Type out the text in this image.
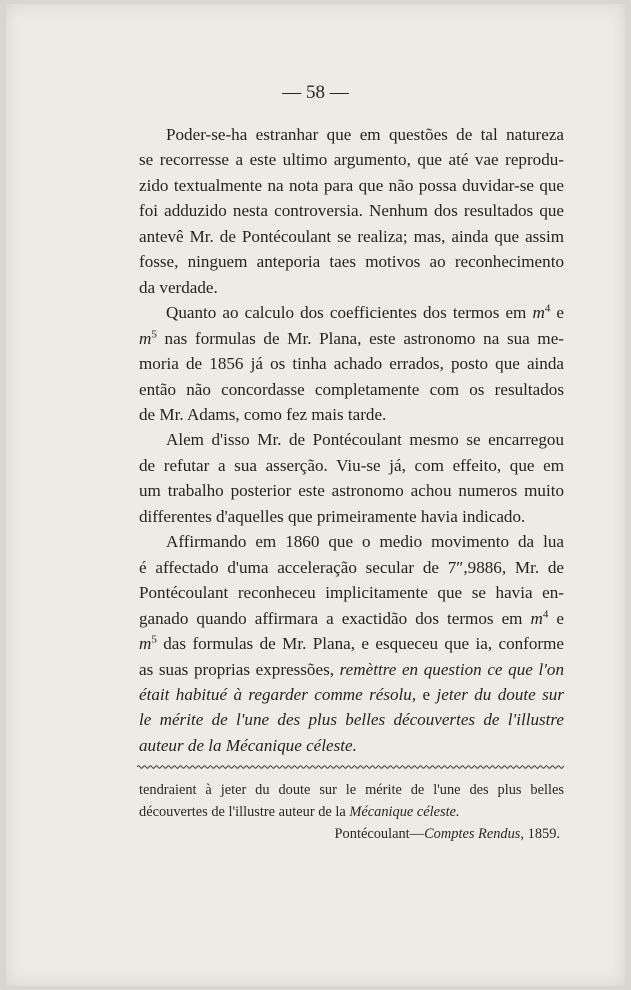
— 58 —
Poder-se-ha estranhar que em questões de tal natureza
se recorresse a este ultimo argumento, que até vae reprodu-
zido textualmente na nota para que não possa duvidar-se que
foi adduzido nesta controversia. Nenhum dos resultados que
antevê Mr. de Pontécoulant se realiza; mas, ainda que assim
fosse, ninguem anteporia taes motivos ao reconhecimento
da verdade.
Quanto ao calculo dos coefficientes dos termos em $m^4$ e
$m^5$ nas formulas de Mr. Plana, este astronomo na sua me-
moria de 1856 já os tinha achado errados, posto que ainda
então não concordasse completamente com os resultados
de Mr. Adams, como fez mais tarde.
Alem d'isso Mr. de Pontécoulant mesmo se encarregou
de refutar a sua asserção. Viu-se já, com effeito, que em
um trabalho posterior este astronomo achou numeros muito
differentes d'aquelles que primeiramente havia indicado.
Affirmando em 1860 que o medio movimento da lua
é affectado d'uma acceleração secular de 7″,9886, Mr. de
Pontécoulant reconheceu implicitamente que se havia en-
ganado quando affirmara a exactidão dos termos em $m^4$ e
$m^5$ das formulas de Mr. Plana, e esqueceu que ia, conforme
as suas proprias expressões, remèttre en question ce que l'on
était habitué à regarder comme résolu, e jeter du doute sur
le mérite de l'une des plus belles découvertes de l'illustre
auteur de la Mécanique céleste.
tendraient à jeter du doute sur le mérite de l'une des plus belles
découvertes de l'illustre auteur de la Mécanique céleste.
Pontécoulant—Comptes Rendus, 1859.
